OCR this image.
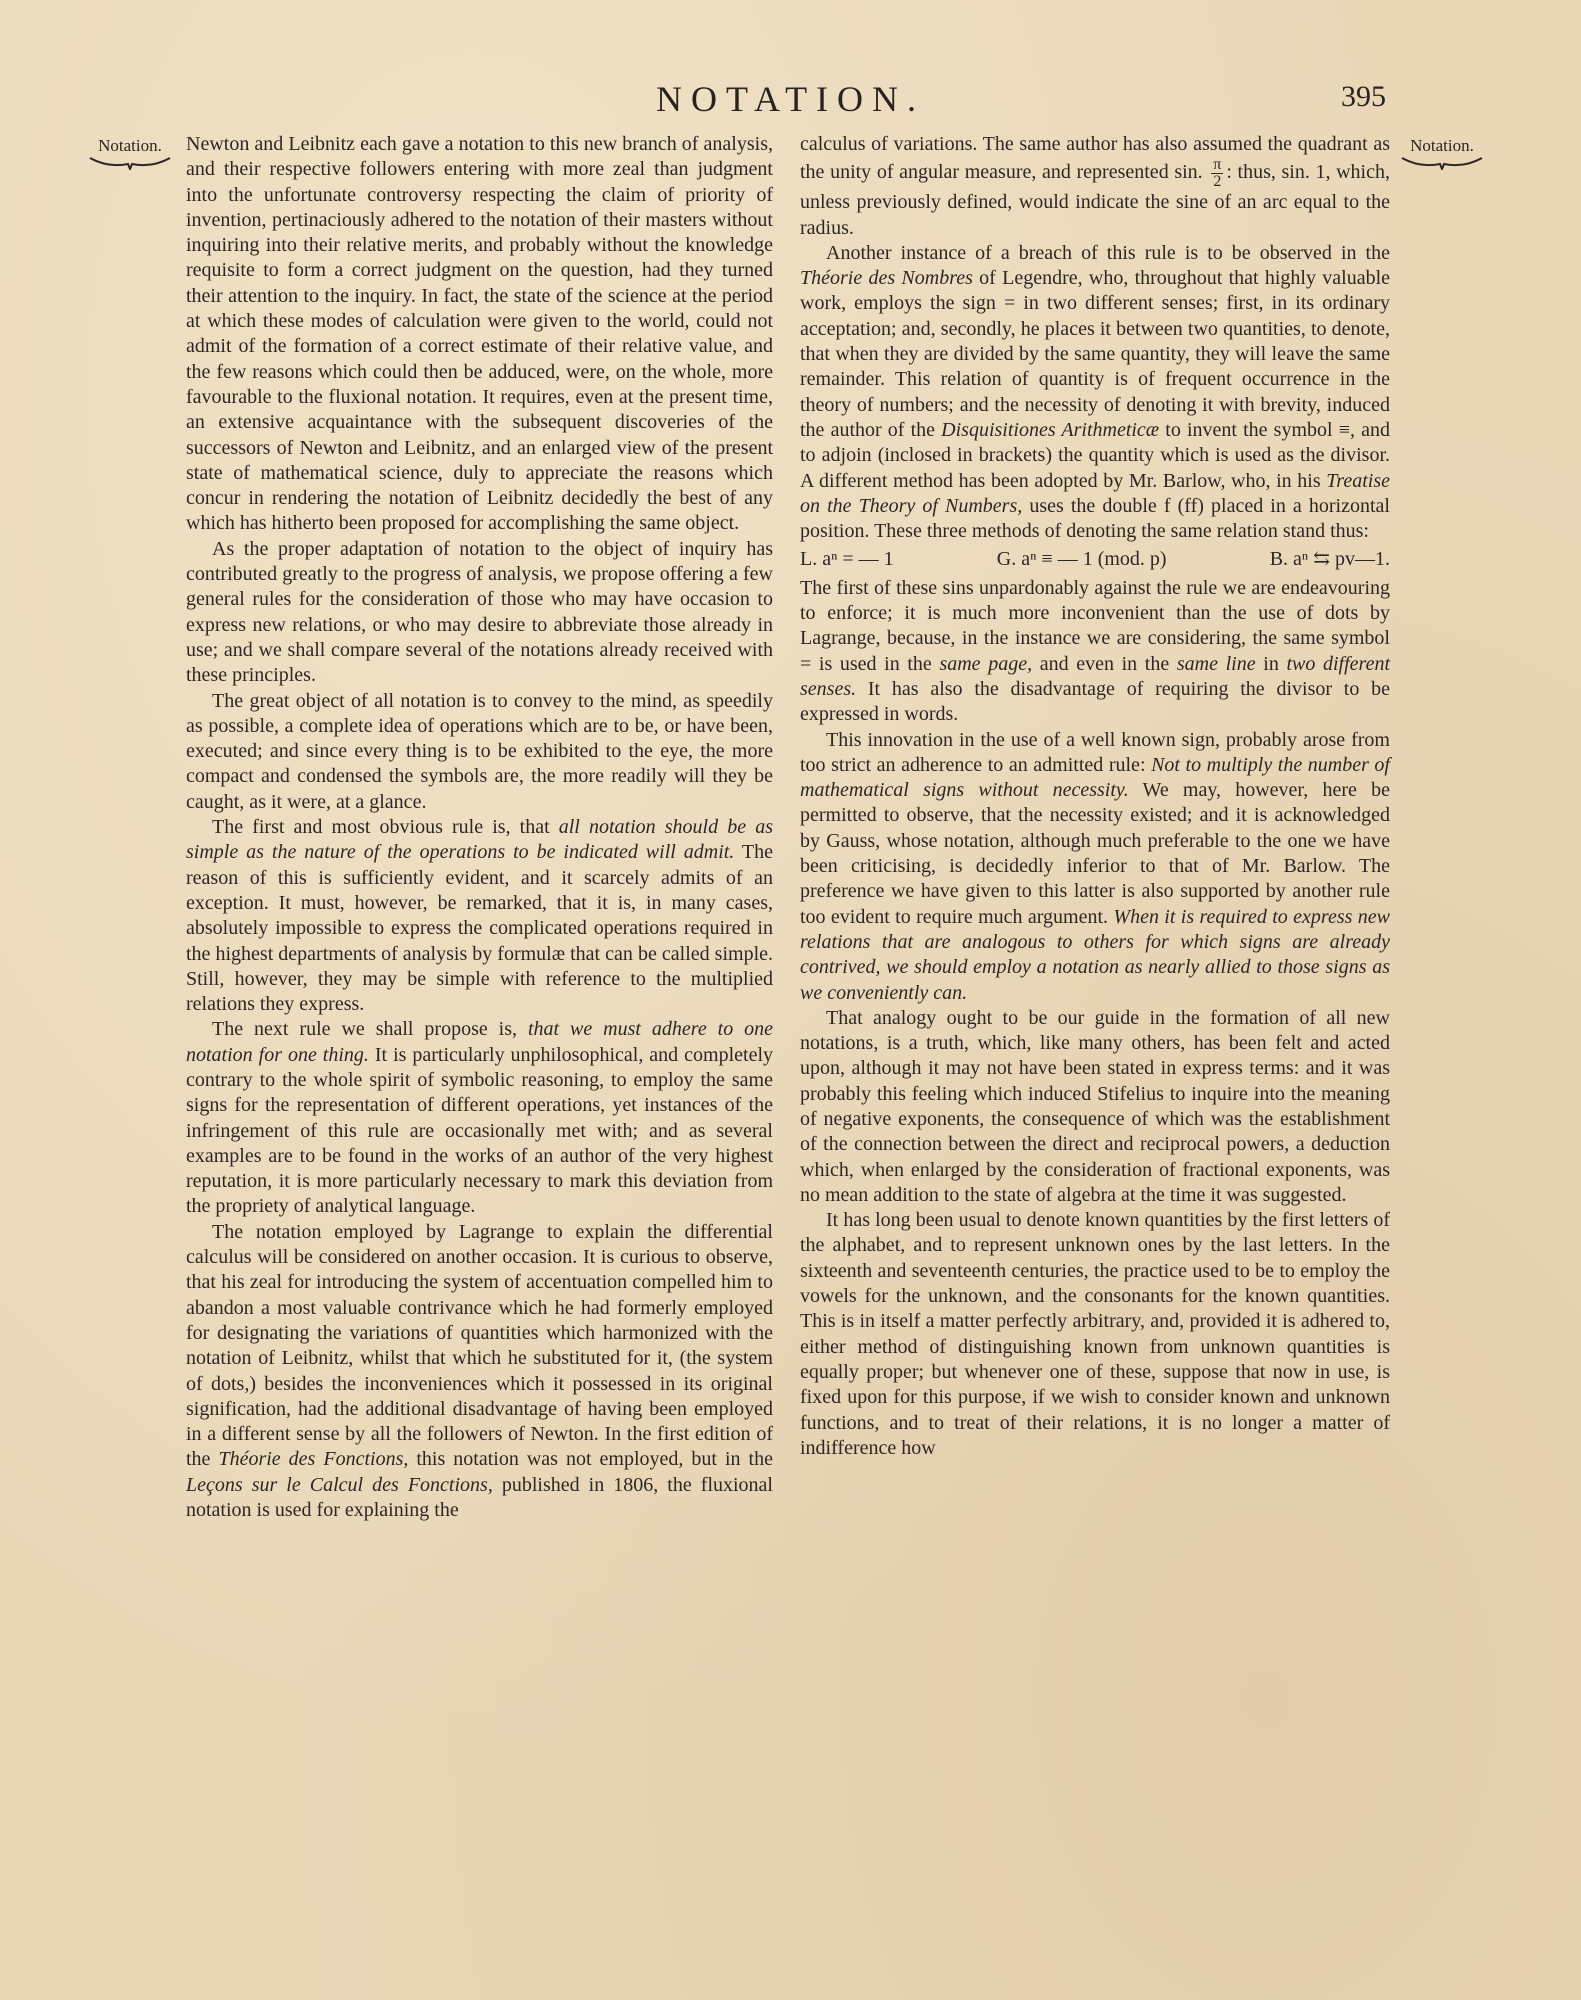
NOTATION.	395
Notation.	Notation.

Newton and Leibnitz each gave a notation to this new branch of analysis, and their respective followers entering with more zeal than judgment into the unfortunate controversy respecting the claim of priority of invention, pertinaciously adhered to the notation of their masters without inquiring into their relative merits, and probably without the knowledge requisite to form a correct judgment on the question, had they turned their attention to the inquiry. In fact, the state of the science at the period at which these modes of calculation were given to the world, could not admit of the formation of a correct estimate of their relative value, and the few reasons which could then be adduced, were, on the whole, more favourable to the fluxional notation. It requires, even at the present time, an extensive acquaintance with the subsequent discoveries of the successors of Newton and Leibnitz, and an enlarged view of the present state of mathematical science, duly to appreciate the reasons which concur in rendering the notation of Leibnitz decidedly the best of any which has hitherto been proposed for accomplishing the same object.

As the proper adaptation of notation to the object of inquiry has contributed greatly to the progress of analysis, we propose offering a few general rules for the consideration of those who may have occasion to express new relations, or who may desire to abbreviate those already in use; and we shall compare several of the notations already received with these principles.

The great object of all notation is to convey to the mind, as speedily as possible, a complete idea of operations which are to be, or have been, executed; and since every thing is to be exhibited to the eye, the more compact and condensed the symbols are, the more readily will they be caught, as it were, at a glance.

The first and most obvious rule is, that all notation should be as simple as the nature of the operations to be indicated will admit. The reason of this is sufficiently evident, and it scarcely admits of an exception. It must, however, be remarked, that it is, in many cases, absolutely impossible to express the complicated operations required in the highest departments of analysis by formulæ that can be called simple. Still, however, they may be simple with reference to the multiplied relations they express.

The next rule we shall propose is, that we must adhere to one notation for one thing. It is particularly unphilosophical, and completely contrary to the whole spirit of symbolic reasoning, to employ the same signs for the representation of different operations, yet instances of the infringement of this rule are occasionally met with; and as several examples are to be found in the works of an author of the very highest reputation, it is more particularly necessary to mark this deviation from the propriety of analytical language.

The notation employed by Lagrange to explain the differential calculus will be considered on another occasion. It is curious to observe, that his zeal for introducing the system of accentuation compelled him to abandon a most valuable contrivance which he had formerly employed for designating the variations of quantities which harmonized with the notation of Leibnitz, whilst that which he substituted for it, (the system of dots,) besides the inconveniences which it possessed in its original signification, had the additional disadvantage of having been employed in a different sense by all the followers of Newton. In the first edition of the Théorie des Fonctions, this notation was not employed, but in the Leçons sur le Calcul des Fonctions, published in 1806, the fluxional notation is used for explaining the

calculus of variations. The same author has also assumed the quadrant as the unity of angular measure, and represented sin. $\frac{\pi}{2}$ : thus, sin. 1, which, unless previously defined, would indicate the sine of an arc equal to the radius.

Another instance of a breach of this rule is to be observed in the Théorie des Nombres of Legendre, who, throughout that highly valuable work, employs the sign = in two different senses; first, in its ordinary acceptation; and, secondly, he places it between two quantities, to denote, that when they are divided by the same quantity, they will leave the same remainder. This relation of quantity is of frequent occurrence in the theory of numbers; and the necessity of denoting it with brevity, induced the author of the Disquisitiones Arithmeticæ to invent the symbol ≡, and to adjoin (inclosed in brackets) the quantity which is used as the divisor. A different method has been adopted by Mr. Barlow, who, in his Treatise on the Theory of Numbers, uses the double f (ff) placed in a horizontal position. These three methods of denoting the same relation stand thus:

L. aⁿ = — 1	G. aⁿ ≡ — 1 (mod. p)	B. aⁿ ⇆ pv—1.

The first of these sins unpardonably against the rule we are endeavouring to enforce; it is much more inconvenient than the use of dots by Lagrange, because, in the instance we are considering, the same symbol = is used in the same page, and even in the same line in two different senses. It has also the disadvantage of requiring the divisor to be expressed in words.

This innovation in the use of a well known sign, probably arose from too strict an adherence to an admitted rule: Not to multiply the number of mathematical signs without necessity. We may, however, here be permitted to observe, that the necessity existed; and it is acknowledged by Gauss, whose notation, although much preferable to the one we have been criticising, is decidedly inferior to that of Mr. Barlow. The preference we have given to this latter is also supported by another rule too evident to require much argument. When it is required to express new relations that are analogous to others for which signs are already contrived, we should employ a notation as nearly allied to those signs as we conveniently can.

That analogy ought to be our guide in the formation of all new notations, is a truth, which, like many others, has been felt and acted upon, although it may not have been stated in express terms: and it was probably this feeling which induced Stifelius to inquire into the meaning of negative exponents, the consequence of which was the establishment of the connection between the direct and reciprocal powers, a deduction which, when enlarged by the consideration of fractional exponents, was no mean addition to the state of algebra at the time it was suggested.

It has long been usual to denote known quantities by the first letters of the alphabet, and to represent unknown ones by the last letters. In the sixteenth and seventeenth centuries, the practice used to be to employ the vowels for the unknown, and the consonants for the known quantities. This is in itself a matter perfectly arbitrary, and, provided it is adhered to, either method of distinguishing known from unknown quantities is equally proper; but whenever one of these, suppose that now in use, is fixed upon for this purpose, if we wish to consider known and unknown functions, and to treat of their relations, it is no longer a matter of indifference how
